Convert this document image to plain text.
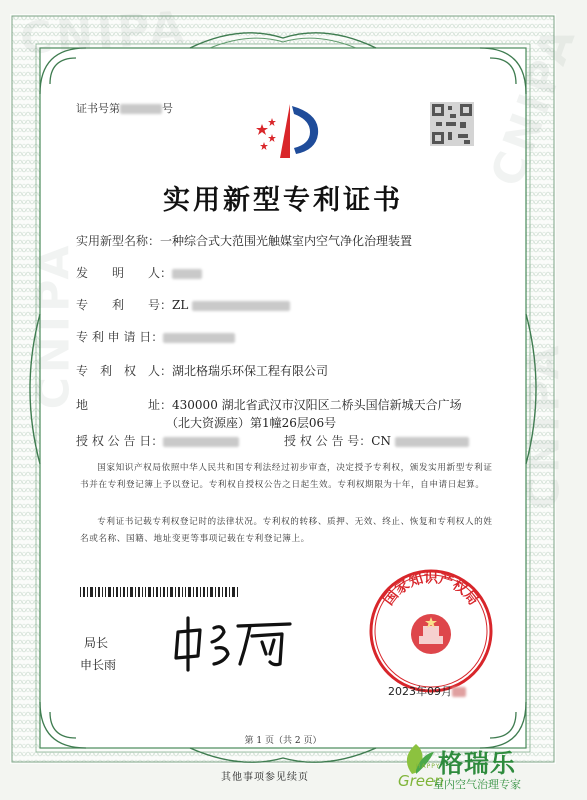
CNIPA	CNIPA
CNIPA
CNIPA
证书号第	号
实用新型专利证书
实用新型名称：一种综合式大范围光触媒室内空气净化治理装置
发　　明　　人：
专　　利　　号：ZL
专 利 申 请 日：
专　利　权　人：湖北格瑞乐环保工程有限公司
地　　　　　址：430000 湖北省武汉市汉阳区二桥头国信新城天合广场
（北大资源座）第1幢26层06号
授 权 公 告 日：	授 权 公 告 号：CN
国家知识产权局依照中华人民共和国专利法经过初步审查，决定授予专利权，颁发实用新型专利证书并在专利登记簿上予以登记。专利权自授权公告之日起生效。专利权期限为十年，自申请日起算。
专利证书记载专利权登记时的法律状况。专利权的转移、质押、无效、终止、恢复和专利权人的姓名或名称、国籍、地址变更等事项记载在专利登记簿上。
局长
申长雨
国家知识产权局
2023年09月
第 1 页（共 2 页）
其他事项参见续页
HAPPY
Green
格瑞乐
室内空气治理专家
